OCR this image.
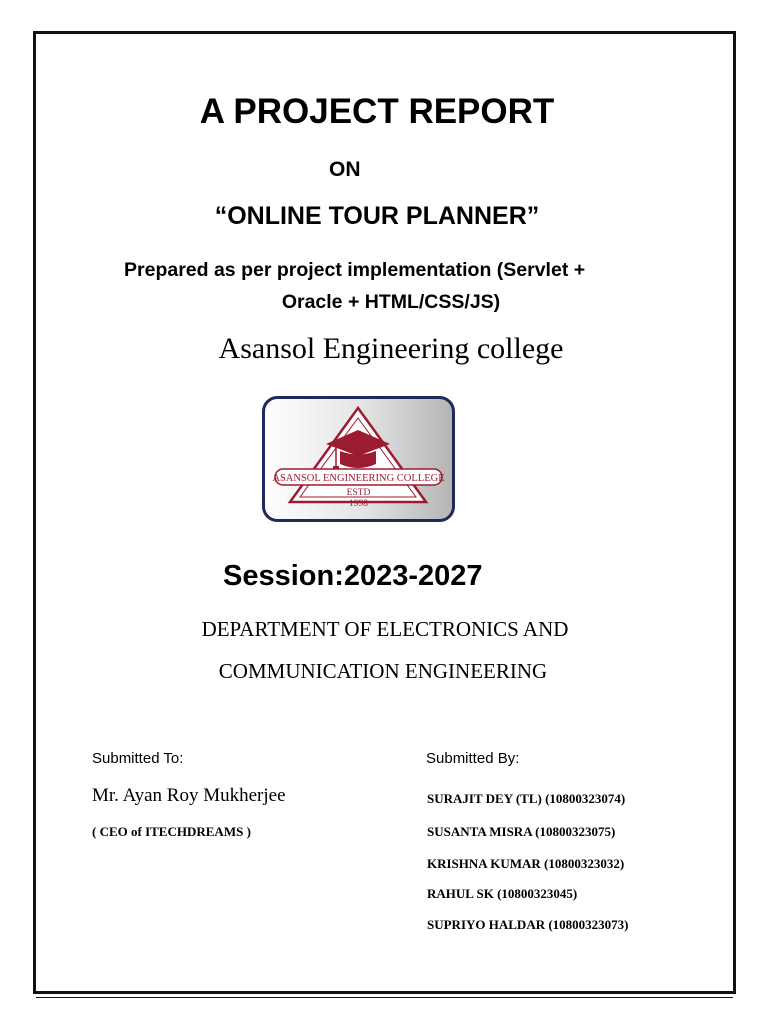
A PROJECT REPORT
ON
“ONLINE TOUR PLANNER”
Prepared as per project implementation (Servlet +
Oracle + HTML/CSS/JS)
Asansol Engineering college
ASANSOL ENGINEERING COLLEGE
ESTD
1998
Session:2023-2027
DEPARTMENT OF ELECTRONICS AND
COMMUNICATION ENGINEERING
Submitted To:	Submitted By:
Mr. Ayan Roy Mukherjee
( CEO of ITECHDREAMS )
SURAJIT DEY (TL) (10800323074)
SUSANTA MISRA (10800323075)
KRISHNA KUMAR (10800323032)
RAHUL SK (10800323045)
SUPRIYO HALDAR (10800323073)
